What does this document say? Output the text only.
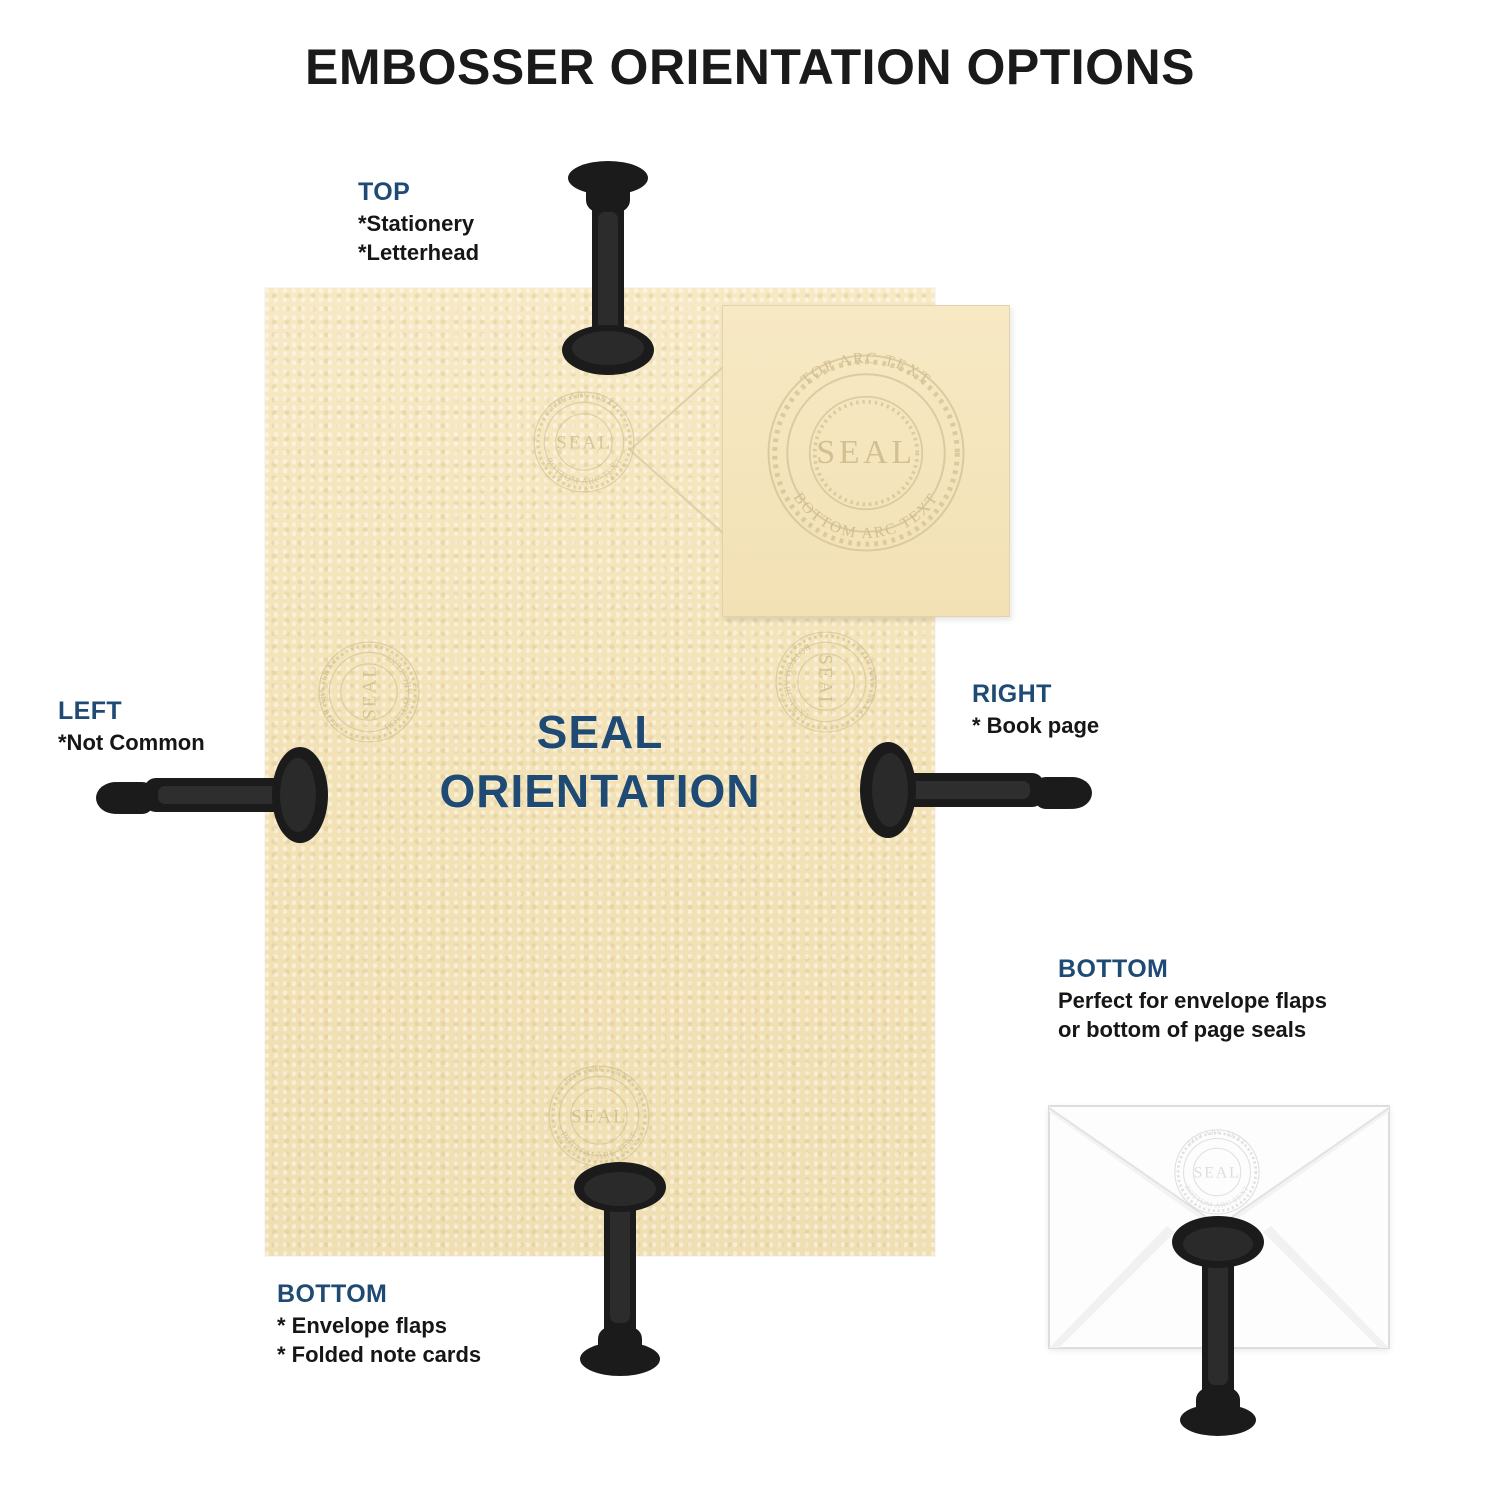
EMBOSSER ORIENTATION OPTIONS
SEAL
ORIENTATION
TOP ARC TEXT
BOTTOM ARC TEXT
SEAL
TOP ARC TEXT
BOTTOM ARC TEXT
SEAL
TOP ARC TEXT
BOTTOM ARC TEXT
SEAL
TOP ARC TEXT
BOTTOM ARC TEXT
SEAL
TOP ARC TEXT
BOTTOM ARC TEXT
SEAL
TOP
*Stationery
*Letterhead
LEFT
*Not Common
RIGHT
* Book page
BOTTOM
* Envelope flaps
* Folded note cards
BOTTOM
Perfect for envelope flaps
or bottom of page seals
TOP ARC TEXT
BOTTOM ARC TEXT
SEAL
